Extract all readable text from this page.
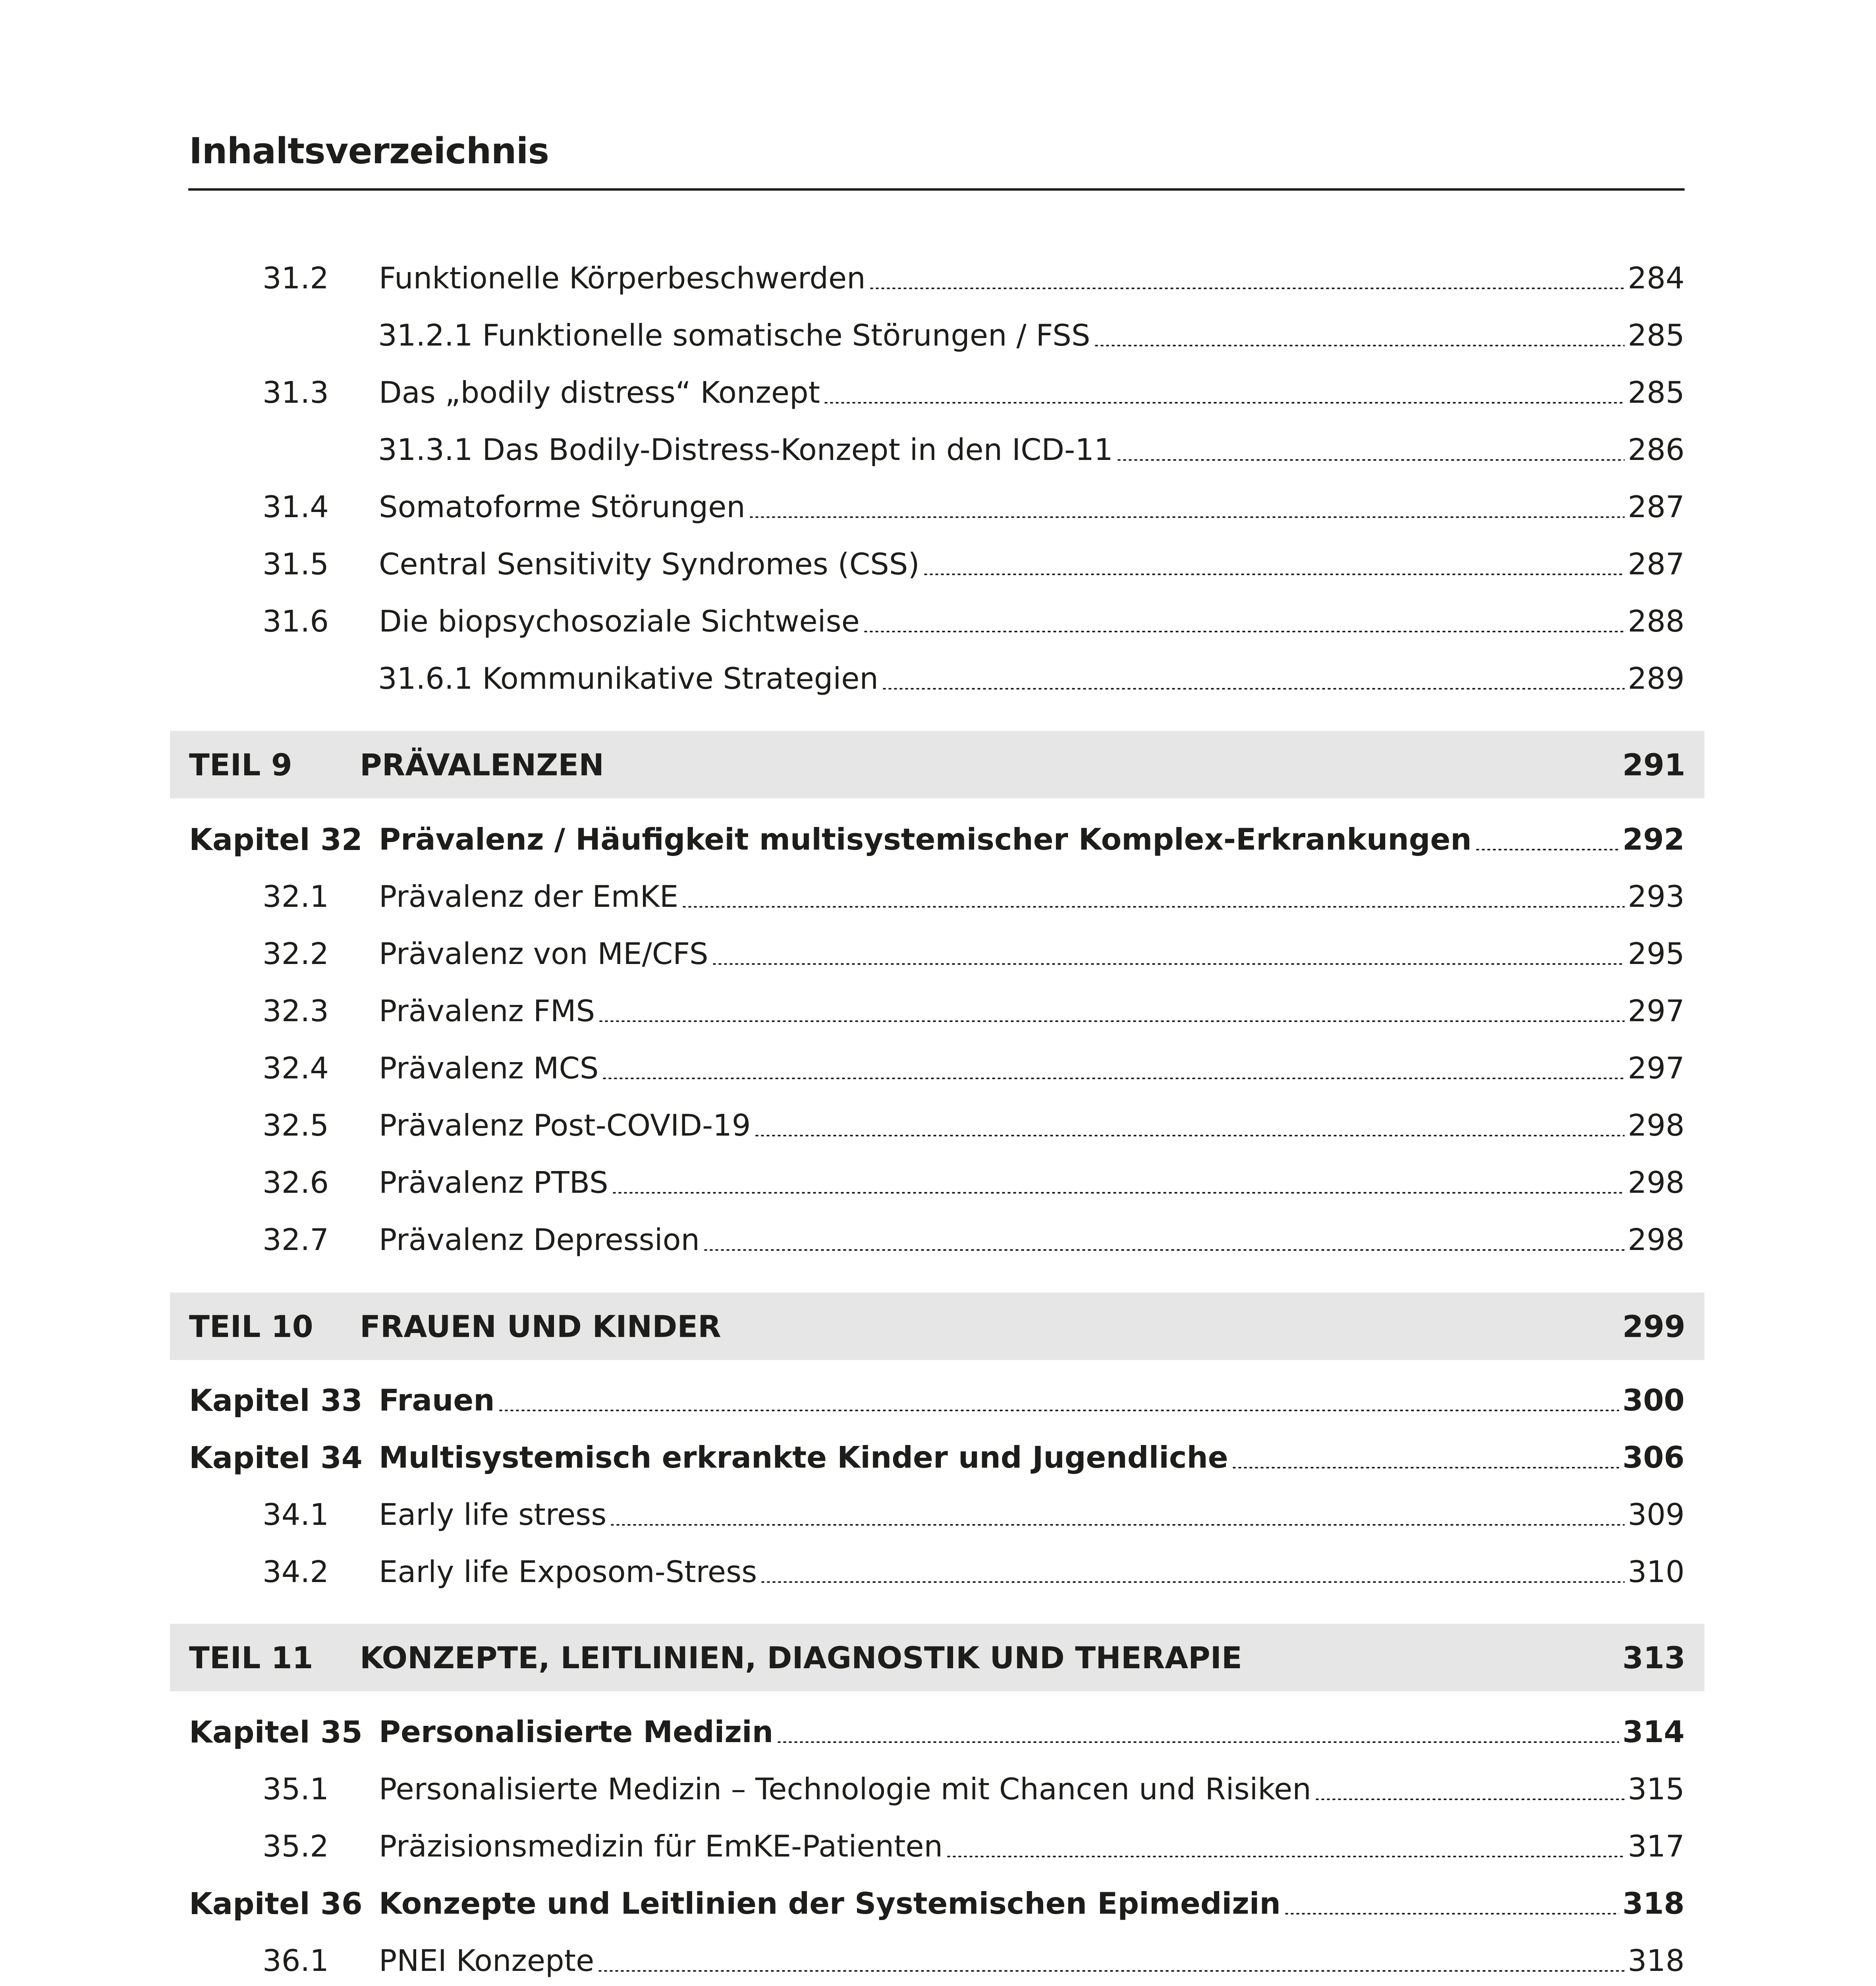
Inhaltsverzeichnis
31.2	Funktionelle Körperbeschwerden	284
31.2.1 Funktionelle somatische Störungen / FSS	285
31.3	Das „bodily distress“ Konzept	285
31.3.1 Das Bodily-Distress-Konzept in den ICD-11	286
31.4	Somatoforme Störungen	287
31.5	Central Sensitivity Syndromes (CSS)	287
31.6	Die biopsychosoziale Sichtweise	288
31.6.1 Kommunikative Strategien	289
TEIL 9	PRÄVALENZEN	291
Kapitel 32 Prävalenz / Häufigkeit multisystemischer Komplex-Erkrankungen	292
32.1	Prävalenz der EmKE	293
32.2	Prävalenz von ME/CFS	295
32.3	Prävalenz FMS	297
32.4	Prävalenz MCS	297
32.5	Prävalenz Post-COVID-19	298
32.6	Prävalenz PTBS	298
32.7	Prävalenz Depression	298
TEIL 10	FRAUEN UND KINDER	299
Kapitel 33 Frauen	300
Kapitel 34 Multisystemisch erkrankte Kinder und Jugendliche	306
34.1	Early life stress	309
34.2	Early life Exposom-Stress	310
TEIL 11	KONZEPTE, LEITLINIEN, DIAGNOSTIK UND THERAPIE	313
Kapitel 35 Personalisierte Medizin	314
35.1	Personalisierte Medizin – Technologie mit Chancen und Risiken	315
35.2	Präzisionsmedizin für EmKE-Patienten	317
Kapitel 36 Konzepte und Leitlinien der Systemischen Epimedizin	318
36.1	PNEI Konzepte	318
